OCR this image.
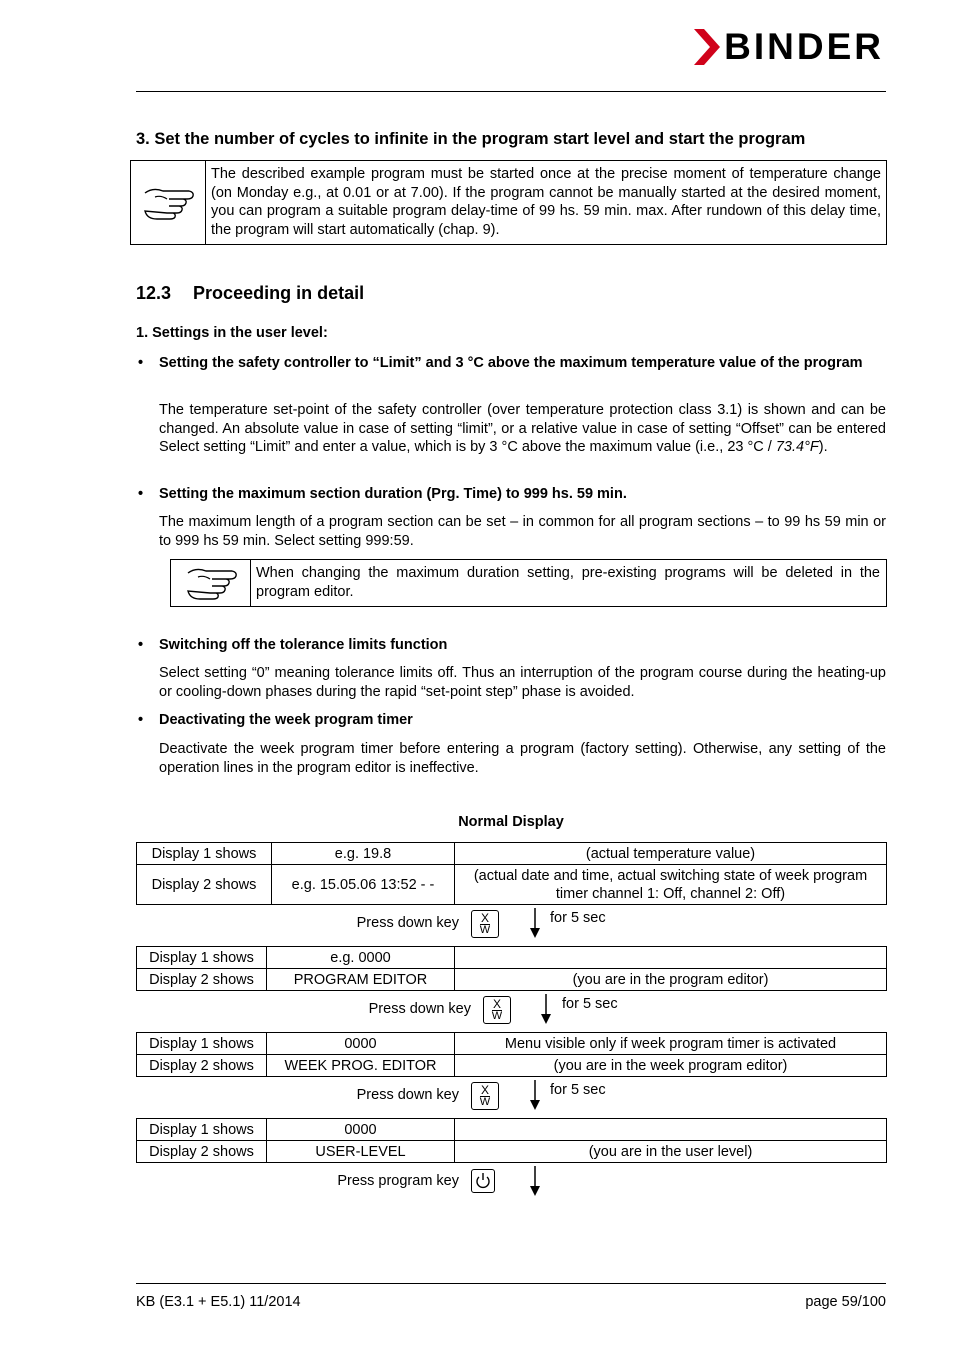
BINDER
3. Set the number of cycles to infinite in the program start level and start the program
The described example program must be started once at the precise moment of temperature change (on Monday e.g., at 0.01 or at 7.00). If the program cannot be manually started at the desired moment, you can program a suitable program delay-time of 99 hs. 59 min. max. After rundown of this delay time, the program will start automatically (chap. 9).
12.3 Proceeding in detail
1. Settings in the user level:
• Setting the safety controller to “Limit” and 3 °C above the maximum temperature value of the program
The temperature set-point of the safety controller (over temperature protection class 3.1) is shown and can be changed. An absolute value in case of setting “limit”, or a relative value in case of setting “Offset” can be entered Select setting “Limit” and enter a value, which is by 3 °C above the maximum value (i.e., 23 °C / 73.4°F).
• Setting the maximum section duration (Prg. Time) to 999 hs. 59 min.
The maximum length of a program section can be set – in common for all program sections – to 99 hs 59 min or to 999 hs 59 min. Select setting 999:59.
When changing the maximum duration setting, pre-existing programs will be deleted in the program editor.
• Switching off the tolerance limits function
Select setting “0” meaning tolerance limits off. Thus an interruption of the program course during the heating-up or cooling-down phases during the rapid “set-point step” phase is avoided.
• Deactivating the week program timer
Deactivate the week program timer before entering a program (factory setting). Otherwise, any setting of the operation lines in the program editor is ineffective.
Normal Display
Display 1 shows	e.g. 19.8	(actual temperature value)
Display 2 shows	e.g. 15.05.06 13:52 - -	(actual date and time, actual switching state of week program timer channel 1: Off, channel 2: Off)
Press down key	X
W
for 5 sec
Display 1 shows	e.g. 0000	
Display 2 shows	PROGRAM EDITOR	(you are in the program editor)
Press down key	X
W
for 5 sec
Display 1 shows	0000	Menu visible only if week program timer is activated
Display 2 shows	WEEK PROG. EDITOR	(you are in the week program editor)
Press down key	X
W
for 5 sec
Display 1 shows	0000	
Display 2 shows	USER-LEVEL	(you are in the user level)
Press program key
KB (E3.1 + E5.1) 11/2014	page 59/100
